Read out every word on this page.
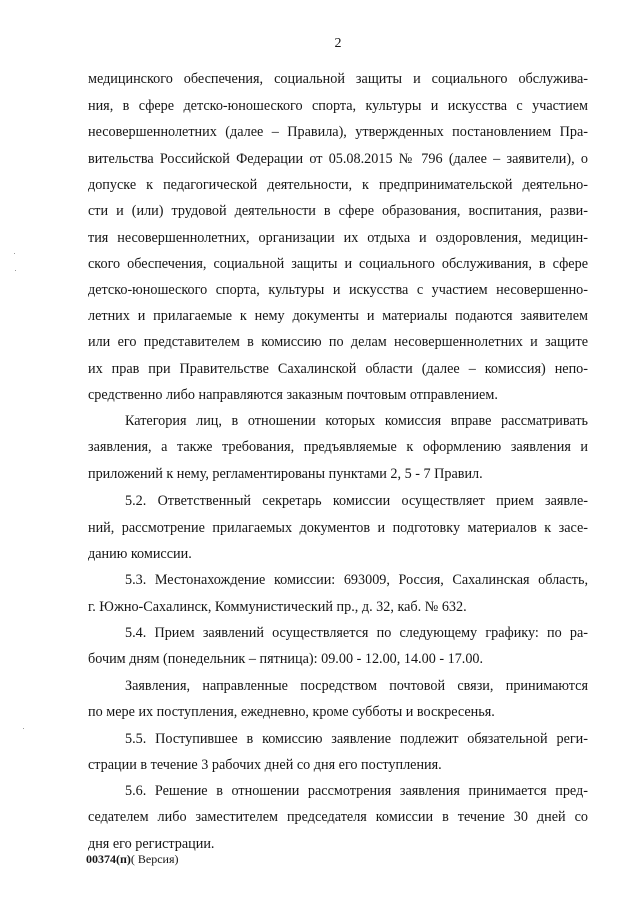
2
медицинского обеспечения, социальной защиты и социального обслужива-
ния, в сфере детско-юношеского спорта, культуры и искусства с участием
несовершеннолетних (далее – Правила), утвержденных постановлением Пра-
вительства Российской Федерации от 05.08.2015 № 796 (далее – заявители), о
допуске к педагогической деятельности, к предпринимательской деятельно-
сти и (или) трудовой деятельности в сфере образования, воспитания, разви-
тия несовершеннолетних, организации их отдыха и оздоровления, медицин-
ского обеспечения, социальной защиты и социального обслуживания, в сфере
детско-юношеского спорта, культуры и искусства с участием несовершенно-
летних и прилагаемые к нему документы и материалы подаются заявителем
или его представителем в комиссию по делам несовершеннолетних и защите
их прав при Правительстве Сахалинской области (далее – комиссия) непо-
средственно либо направляются заказным почтовым отправлением.
Категория лиц, в отношении которых комиссия вправе рассматривать
заявления, а также требования, предъявляемые к оформлению заявления и
приложений к нему, регламентированы пунктами 2, 5 - 7 Правил.
5.2. Ответственный секретарь комиссии осуществляет прием заявле-
ний, рассмотрение прилагаемых документов и подготовку материалов к засе-
данию комиссии.
5.3. Местонахождение комиссии: 693009, Россия, Сахалинская область,
г. Южно-Сахалинск, Коммунистический пр., д. 32, каб. № 632.
5.4. Прием заявлений осуществляется по следующему графику: по ра-
бочим дням (понедельник – пятница): 09.00 - 12.00, 14.00 - 17.00.
Заявления, направленные посредством почтовой связи, принимаются
по мере их поступления, ежедневно, кроме субботы и воскресенья.
5.5. Поступившее в комиссию заявление подлежит обязательной реги-
страции в течение 3 рабочих дней со дня его поступления.
5.6. Решение в отношении рассмотрения заявления принимается пред-
седателем либо заместителем председателя комиссии в течение 30 дней со
дня его регистрации.
00374(п)( Версия)
